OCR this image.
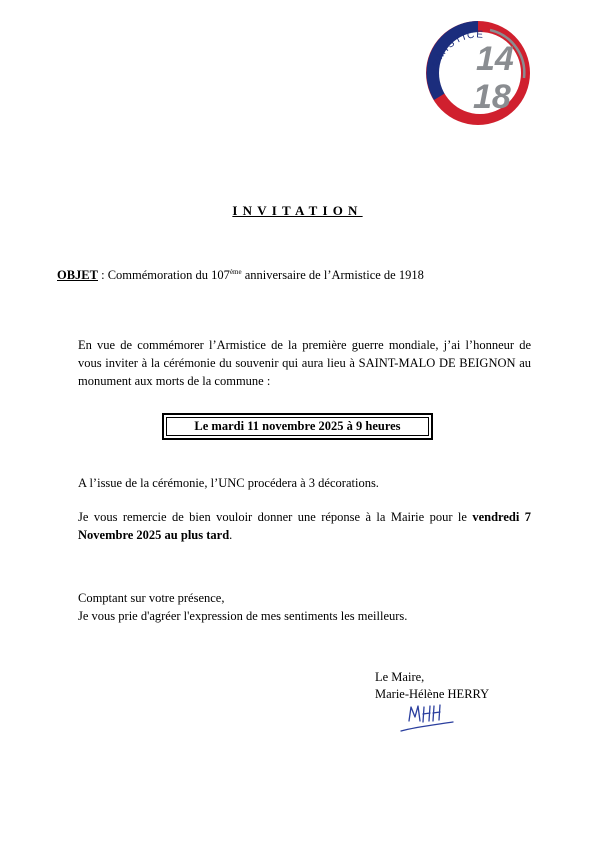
ARMISTICE
14
18
INVITATION
OBJET : Commémoration du 107ème anniversaire de l’Armistice de 1918
En vue de commémorer l’Armistice de la première guerre mondiale, j’ai l’honneur de vous inviter à la cérémonie du souvenir qui aura lieu à SAINT-MALO DE BEIGNON au monument aux morts de la commune :
Le mardi 11 novembre 2025 à 9 heures
A l’issue de la cérémonie, l’UNC procédera à 3 décorations.
Je vous remercie de bien vouloir donner une réponse à la Mairie pour le vendredi 7 Novembre 2025 au plus tard.
Comptant sur votre présence,
Je vous prie d'agréer l'expression de mes sentiments les meilleurs.
Le Maire,
Marie-Hélène HERRY
